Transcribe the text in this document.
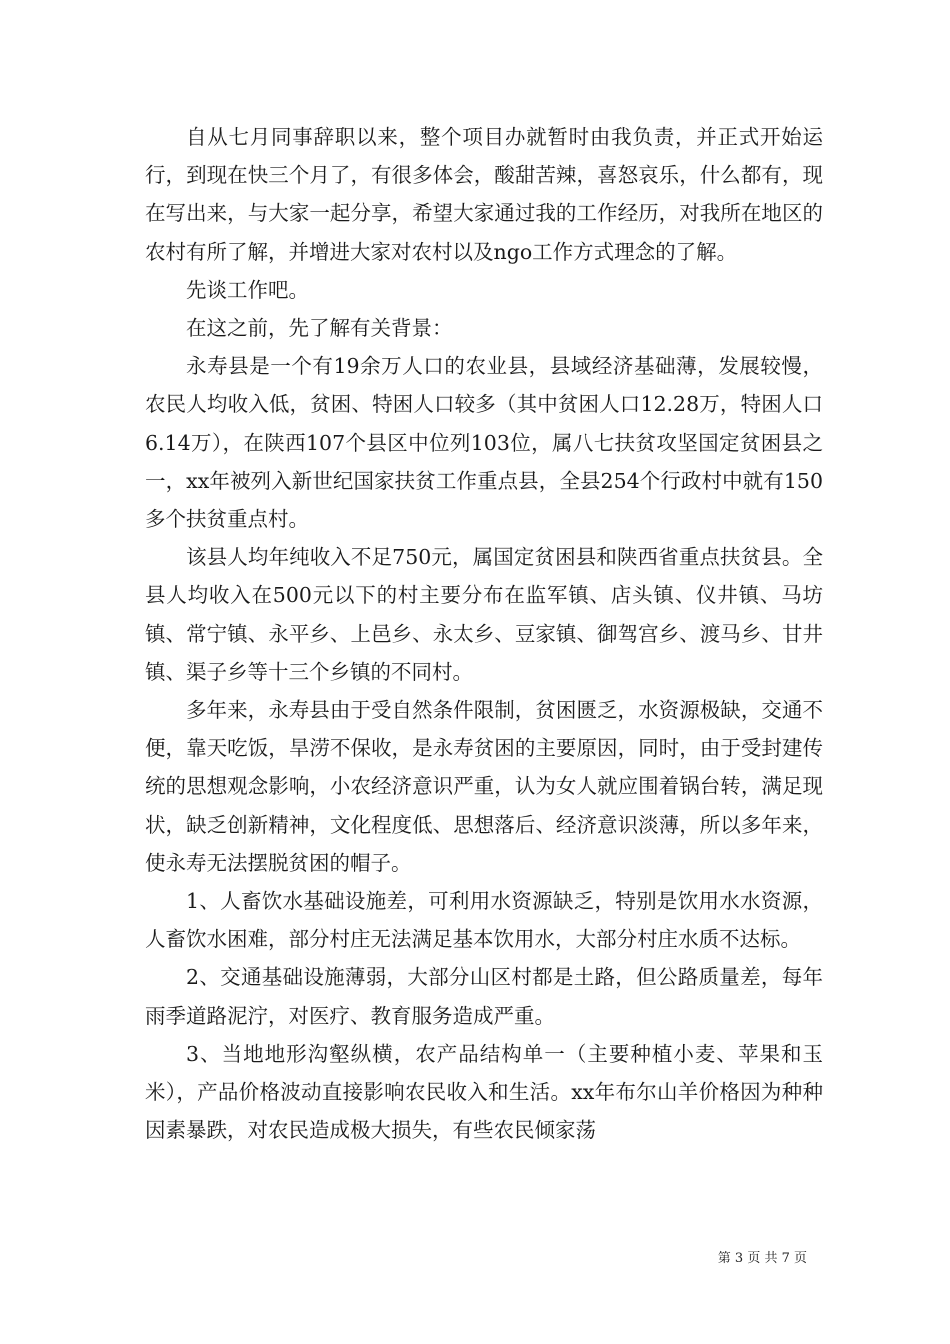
自从七月同事辞职以来，整个项目办就暂时由我负责，并正式开始运行，到现在快三个月了，有很多体会，酸甜苦辣，喜怒哀乐，什么都有，现在写出来，与大家一起分享，希望大家通过我的工作经历，对我所在地区的农村有所了解，并增进大家对农村以及ngo工作方式理念的了解。

先谈工作吧。

在这之前，先了解有关背景：

永寿县是一个有19余万人口的农业县，县域经济基础薄，发展较慢，农民人均收入低，贫困、特困人口较多（其中贫困人口12.28万，特困人口6.14万），在陕西107个县区中位列103位，属八七扶贫攻坚国定贫困县之一，xx年被列入新世纪国家扶贫工作重点县，全县254个行政村中就有150多个扶贫重点村。

该县人均年纯收入不足750元，属国定贫困县和陕西省重点扶贫县。全县人均收入在500元以下的村主要分布在监军镇、店头镇、仪井镇、马坊镇、常宁镇、永平乡、上邑乡、永太乡、豆家镇、御驾宫乡、渡马乡、甘井镇、渠子乡等十三个乡镇的不同村。

多年来，永寿县由于受自然条件限制，贫困匮乏，水资源极缺，交通不便，靠天吃饭，旱涝不保收，是永寿贫困的主要原因，同时，由于受封建传统的思想观念影响，小农经济意识严重，认为女人就应围着锅台转，满足现状，缺乏创新精神，文化程度低、思想落后、经济意识淡薄，所以多年来，使永寿无法摆脱贫困的帽子。

1、人畜饮水基础设施差，可利用水资源缺乏，特别是饮用水水资源，人畜饮水困难，部分村庄无法满足基本饮用水，大部分村庄水质不达标。

2、交通基础设施薄弱，大部分山区村都是土路，但公路质量差，每年雨季道路泥泞，对医疗、教育服务造成严重。

3、当地地形沟壑纵横，农产品结构单一（主要种植小麦、苹果和玉米），产品价格波动直接影响农民收入和生活。xx年布尔山羊价格因为种种因素暴跌，对农民造成极大损失，有些农民倾家荡

第 3 页 共 7 页
